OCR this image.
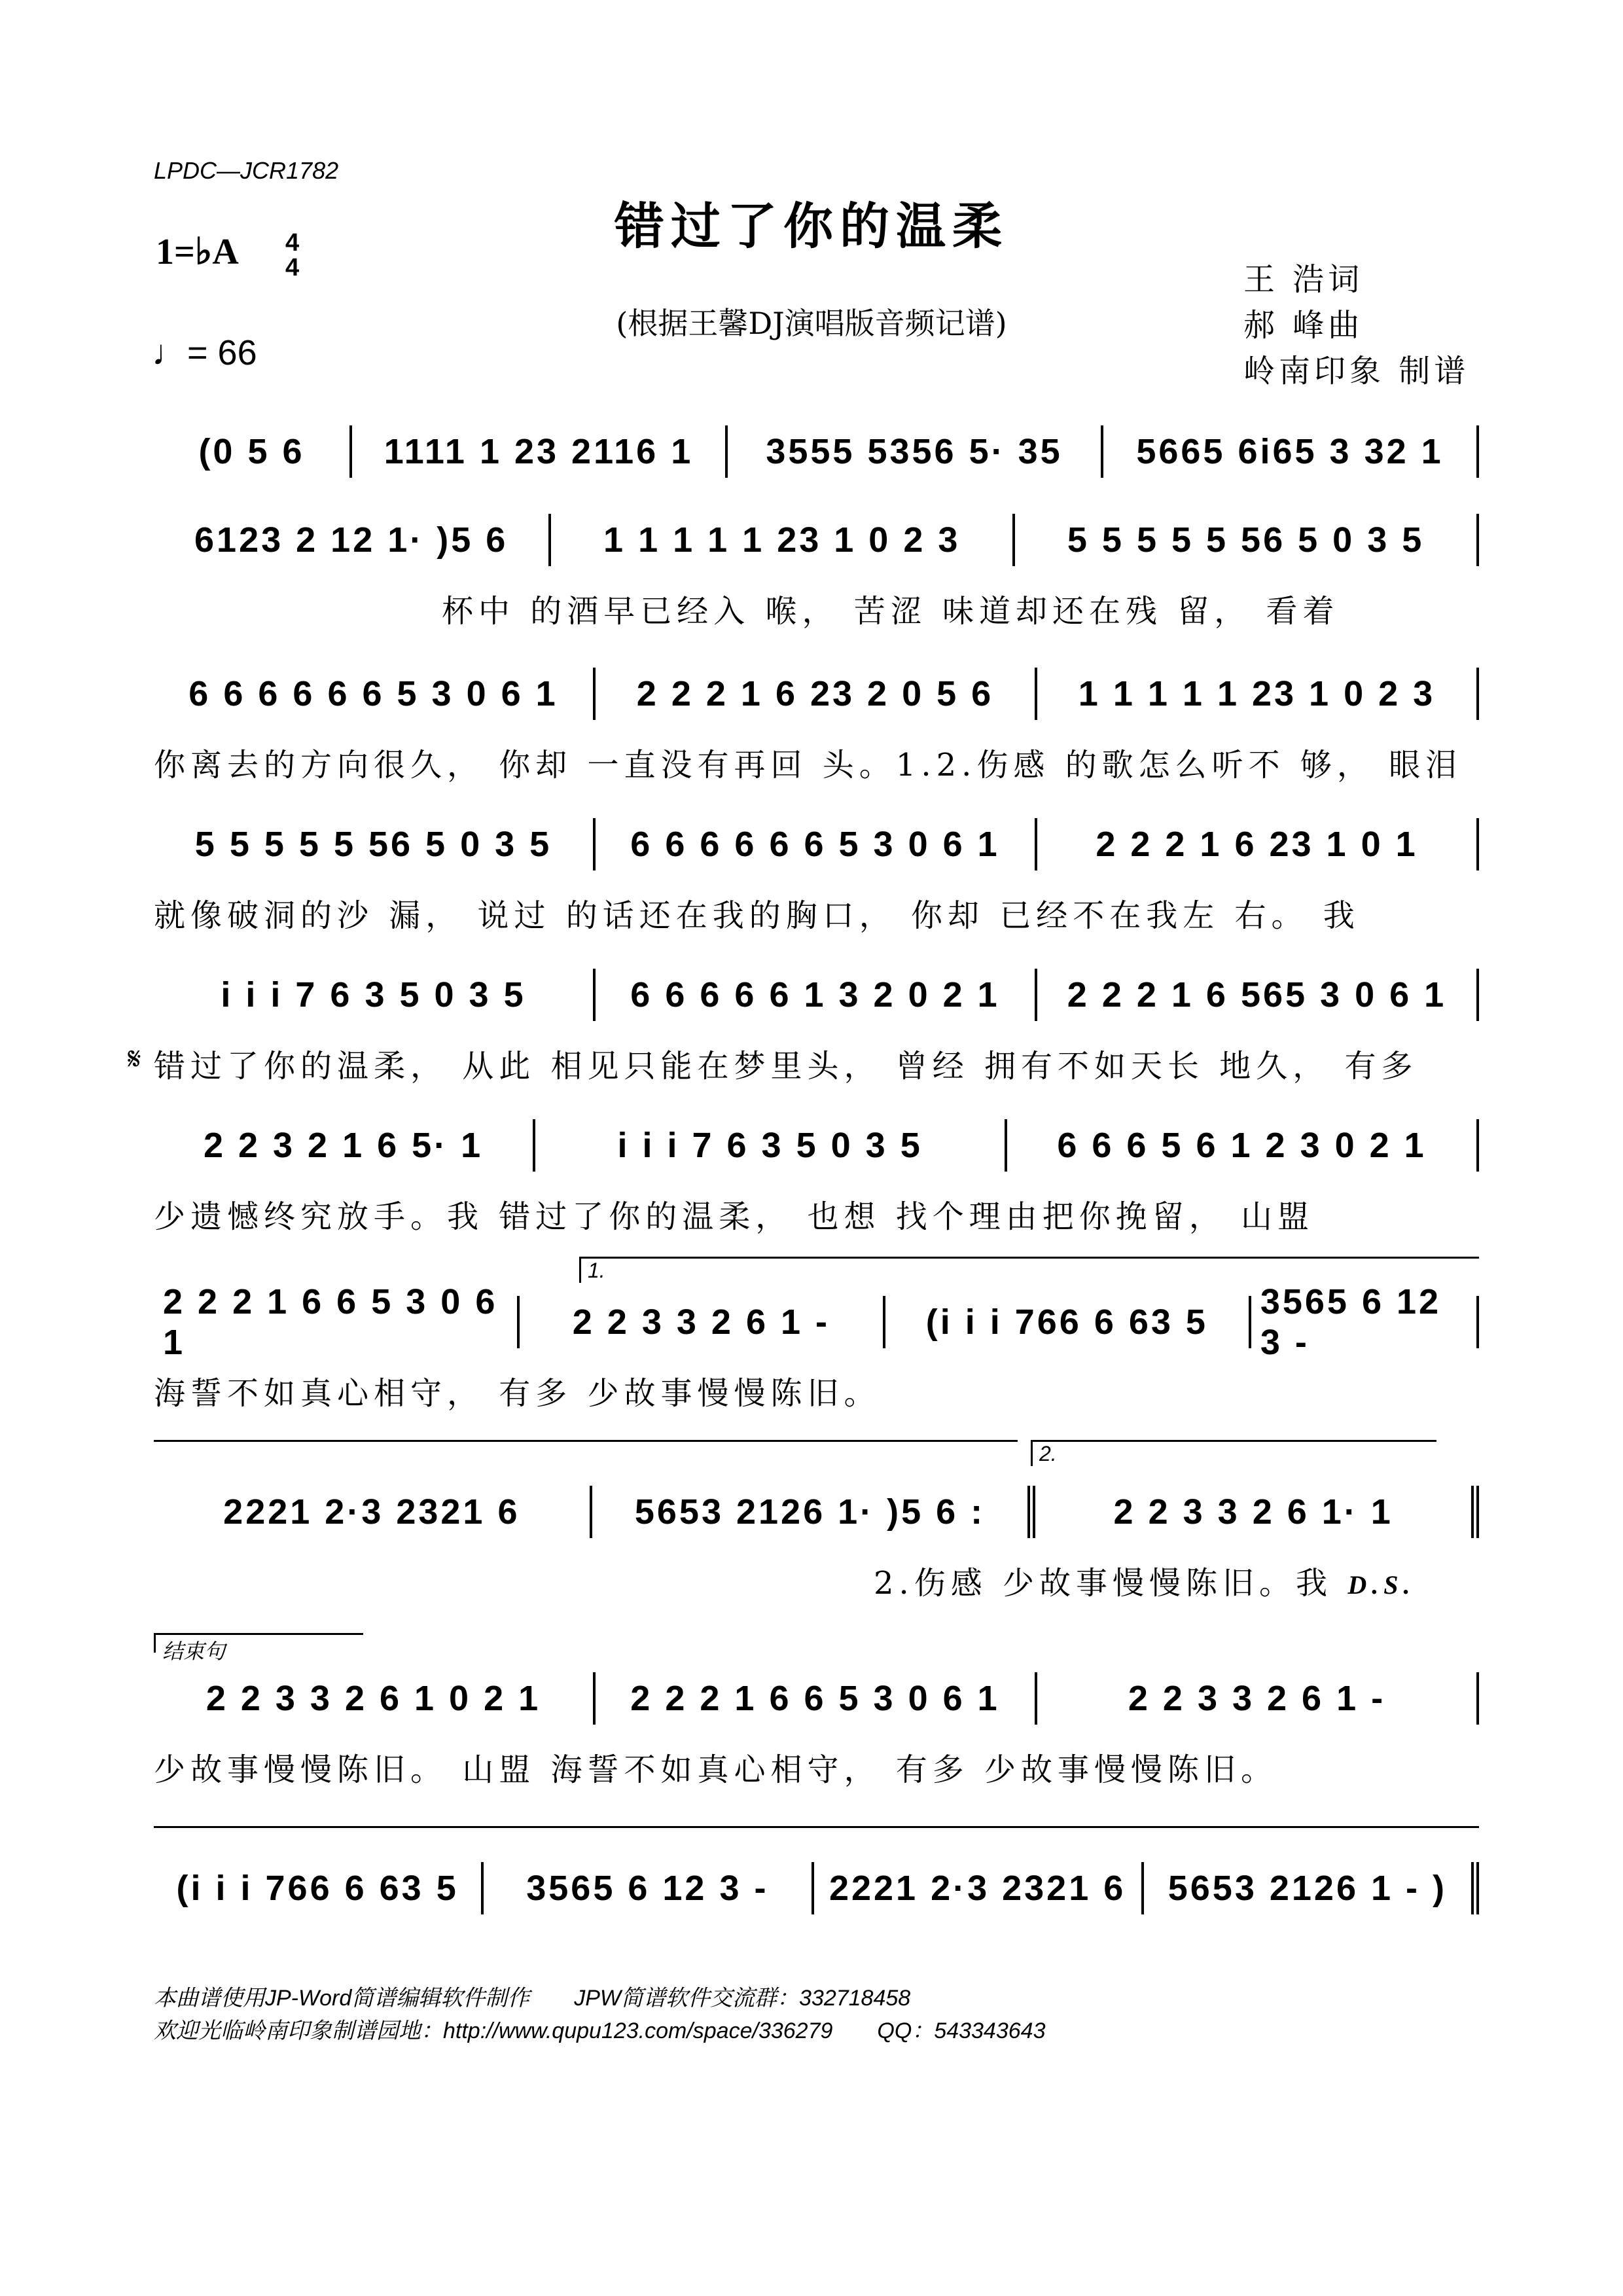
LPDC—JCR1782
错过了你的温柔
(根据王馨DJ演唱版音频记谱)
1=♭A 4
4
♩= 66
王 浩词
郝 峰曲
岭南印象 制谱
(0 5 6	1111 1 23 2116 1	3555 5356 5· 35	5665 6i65 3 32 1
6123 2 12 1· )5 6	1 1 1 1 1 23 1 0 2 3	5 5 5 5 5 56 5 0 3 5
杯中 的酒早已经入 喉， 苦涩 味道却还在残 留， 看着
6 6 6 6 6 6 5 3 0 6 1	2 2 2 1 6 23 2 0 5 6	1 1 1 1 1 23 1 0 2 3
你离去的方向很久， 你却 一直没有再回 头。1.2.伤感 的歌怎么听不 够， 眼泪
5 5 5 5 5 56 5 0 3 5	6 6 6 6 6 6 5 3 0 6 1	2 2 2 1 6 23 1 0 1
就像破洞的沙 漏， 说过 的话还在我的胸口， 你却 已经不在我左 右。 我
i i i 7 6 3 5 0 3 5	6 6 6 6 6 1 3 2 0 2 1	2 2 2 1 6 565 3 0 6 1
𝄋 错过了你的温柔， 从此 相见只能在梦里头， 曾经 拥有不如天长 地久， 有多
2 2 3 2 1 6 5· 1	i i i 7 6 3 5 0 3 5	6 6 6 5 6 1 2 3 0 2 1
少遗憾终究放手。我 错过了你的温柔， 也想 找个理由把你挽留， 山盟
1.
2 2 2 1 6 6 5 3 0 6 1
2 2 3 3 2 6 1 -	(i i i 766 6 63 5
3565 6 12 3 -
海誓不如真心相守， 有多 少故事慢慢陈旧。
2.
2221 2·3 2321 6	5653 2126 1· )5 6 :	2 2 3 3 2 6 1· 1
2.伤感 少故事慢慢陈旧。我 D.S.
结束句
2 2 3 3 2 6 1 0 2 1	2 2 2 1 6 6 5 3 0 6 1	2 2 3 3 2 6 1 -
少故事慢慢陈旧。 山盟 海誓不如真心相守， 有多 少故事慢慢陈旧。
(i i i 766 6 63 5	3565 6 12 3 -	2221 2·3 2321 6	5653 2126 1 - )
本曲谱使用JP-Word简谱编辑软件制作　　JPW简谱软件交流群：332718458
欢迎光临岭南印象制谱园地：http://www.qupu123.com/space/336279　　QQ：543343643
